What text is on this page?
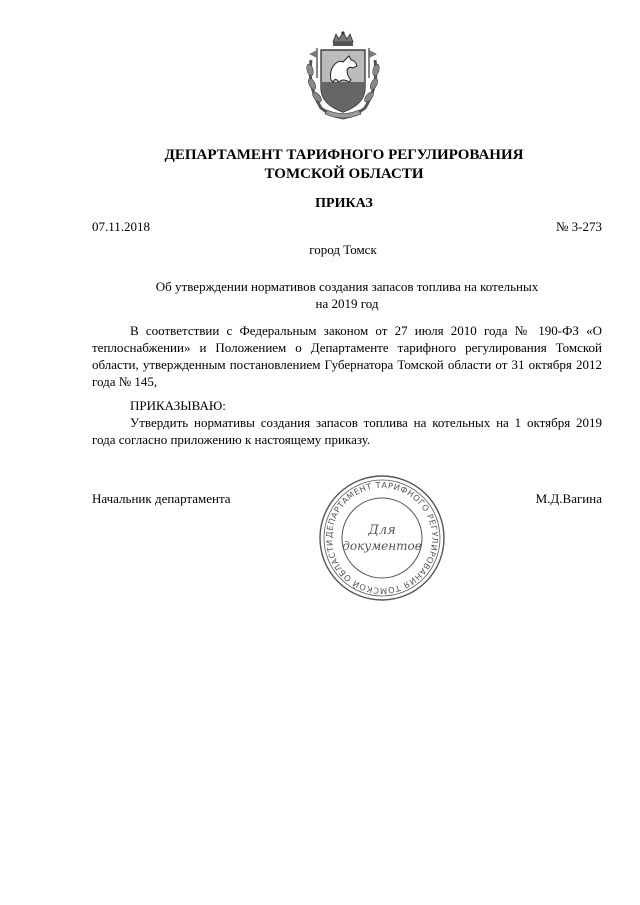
ДЕПАРТАМЕНТ ТАРИФНОГО РЕГУЛИРОВАНИЯ
ТОМСКОЙ ОБЛАСТИ
ПРИКАЗ
07.11.2018	№ 3-273
город Томск
Об утверждении нормативов создания запасов топлива на котельных
на 2019 год
В соответствии с Федеральным законом от 27 июля 2010 года № 190-ФЗ «О теплоснабжении» и Положением о Департаменте тарифного регулирования Томской области, утвержденным постановлением Губернатора Томской области от 31 октября 2012 года № 145,
ПРИКАЗЫВАЮ:
Утвердить нормативы создания запасов топлива на котельных на 1 октября 2019 года согласно приложению к настоящему приказу.
Начальник департамента	М.Д.Вагина
ДЕПАРТАМЕНТ ТАРИФНОГО РЕГУЛИРОВАНИЯ ТОМСКОЙ ОБЛАСТИ
Для
документов
